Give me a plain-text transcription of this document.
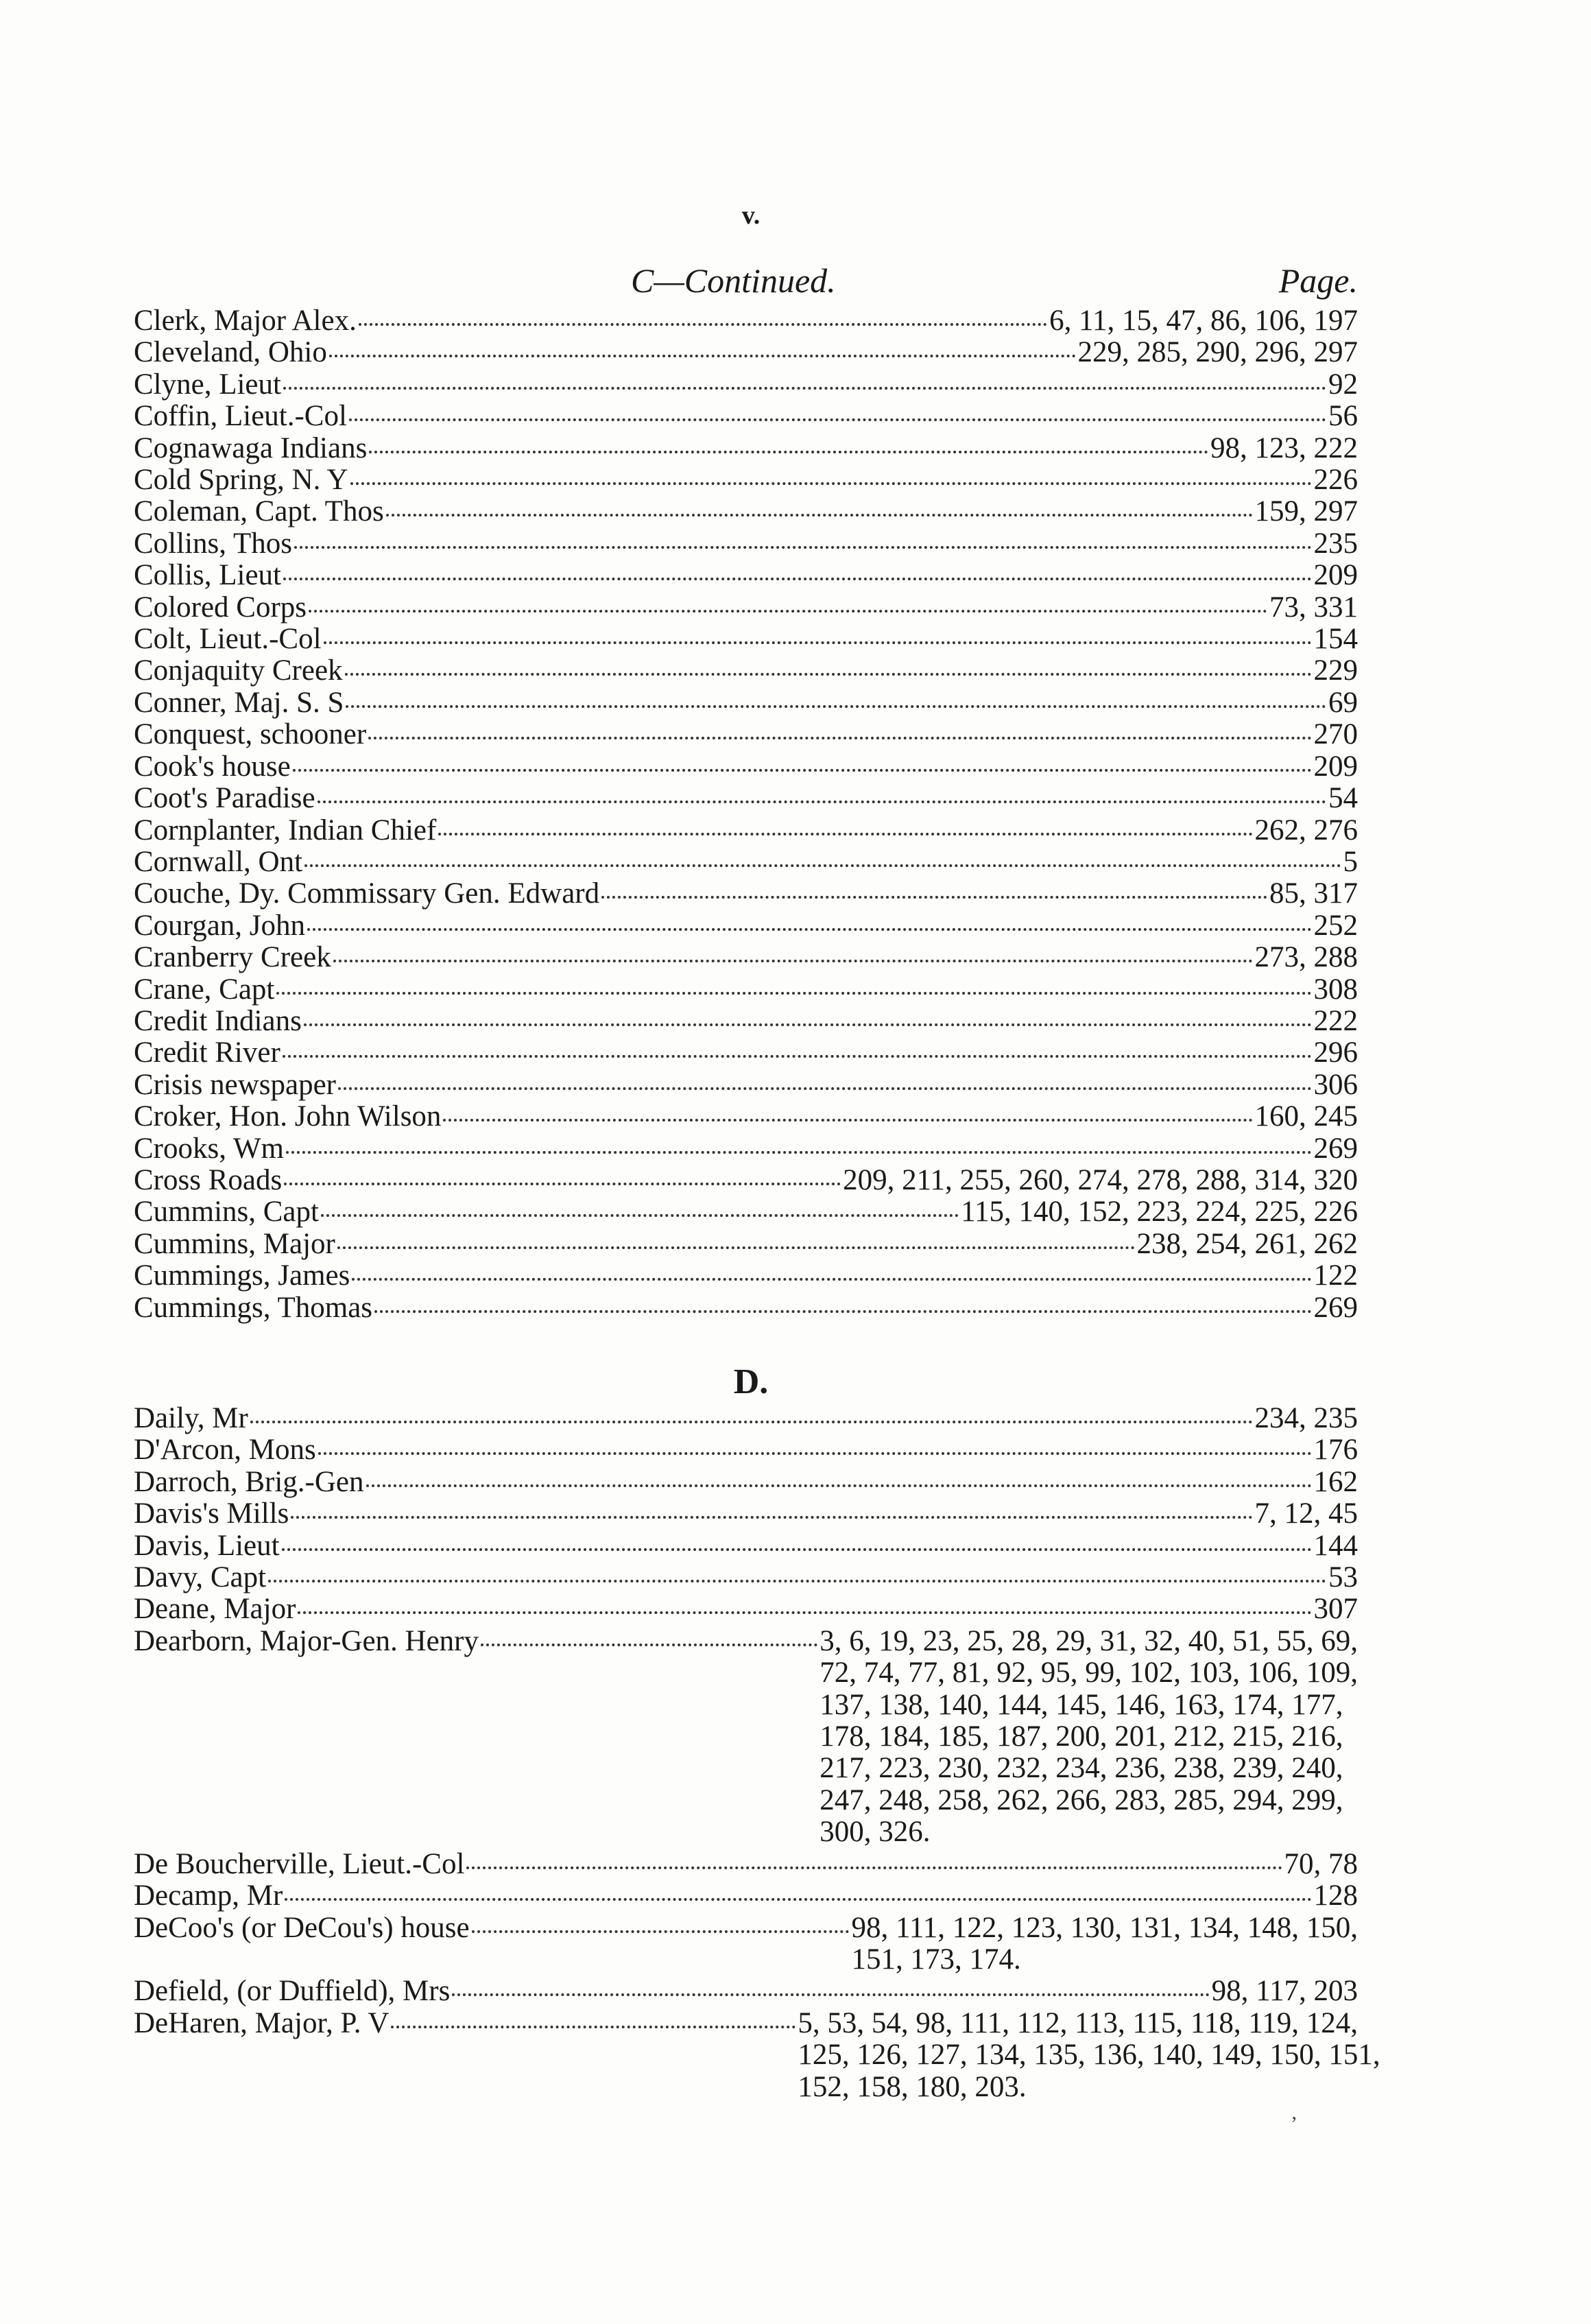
v.
C—Continued.	Page.
Clerk, Major Alex.	6, 11, 15, 47, 86, 106, 197
Cleveland, Ohio	229, 285, 290, 296, 297
Clyne, Lieut	92
Coffin, Lieut.-Col	56
Cognawaga Indians	98, 123, 222
Cold Spring, N. Y	226
Coleman, Capt. Thos	159, 297
Collins, Thos	235
Collis, Lieut	209
Colored Corps	73, 331
Colt, Lieut.-Col	154
Conjaquity Creek	229
Conner, Maj. S. S	69
Conquest, schooner	270
Cook's house	209
Coot's Paradise	54
Cornplanter, Indian Chief	262, 276
Cornwall, Ont	5
Couche, Dy. Commissary Gen. Edward	85, 317
Courgan, John	252
Cranberry Creek	273, 288
Crane, Capt	308
Credit Indians	222
Credit River	296
Crisis newspaper	306
Croker, Hon. John Wilson	160, 245
Crooks, Wm	269
Cross Roads	209, 211, 255, 260, 274, 278, 288, 314, 320
Cummins, Capt	115, 140, 152, 223, 224, 225, 226
Cummins, Major	238, 254, 261, 262
Cummings, James	122
Cummings, Thomas	269
D.
Daily, Mr	234, 235
D'Arcon, Mons	176
Darroch, Brig.-Gen	162
Davis's Mills	7, 12, 45
Davis, Lieut	144
Davy, Capt	53
Deane, Major	307
Dearborn, Major-Gen. Henry	3, 6, 19, 23, 25, 28, 29, 31, 32, 40, 51, 55, 69,
72, 74, 77, 81, 92, 95, 99, 102, 103, 106, 109,
137, 138, 140, 144, 145, 146, 163, 174, 177,
178, 184, 185, 187, 200, 201, 212, 215, 216,
217, 223, 230, 232, 234, 236, 238, 239, 240,
247, 248, 258, 262, 266, 283, 285, 294, 299,
300, 326.
De Boucherville, Lieut.-Col	70, 78
Decamp, Mr	128
DeCoo's (or DeCou's) house	98, 111, 122, 123, 130, 131, 134, 148, 150,
151, 173, 174.
Defield, (or Duffield), Mrs	98, 117, 203
DeHaren, Major, P. V	5, 53, 54, 98, 111, 112, 113, 115, 118, 119, 124,
125, 126, 127, 134, 135, 136, 140, 149, 150, 151,
152, 158, 180, 203.
ʼ
